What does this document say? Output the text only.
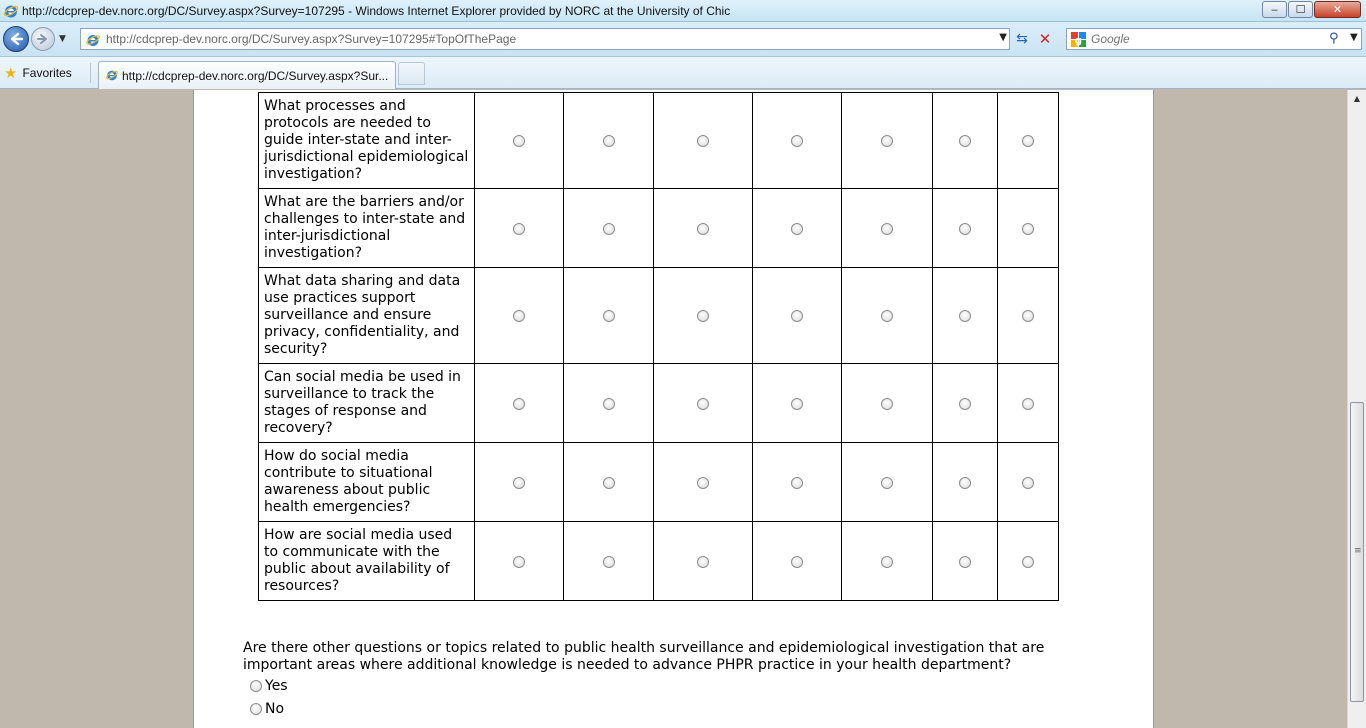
http://cdcprep-dev.norc.org/DC/Survey.aspx?Survey=107295 - Windows Internet Explorer provided by NORC at the University of Chic	‒	☐	✕
▼	http://cdcprep-dev.norc.org/DC/Survey.aspx?Survey=107295#TopOfThePage	▼ ⇆ ✕ g
Google	⚲ ▼
★ Favorites	http://cdcprep-dev.norc.org/DC/Survey.aspx?Sur...
What processes and protocols are needed to guide inter-state and inter-jurisdictional epidemiological investigation?							
What are the barriers and/or challenges to inter-state and inter-jurisdictional investigation?							
What data sharing and data use practices support surveillance and ensure privacy, confidentiality, and security?							
Can social media be used in surveillance to track the stages of response and recovery?							
How do social media contribute to situational awareness about public health emergencies?							
How are social media used to communicate with the public about availability of resources?							
Are there other questions or topics related to public health surveillance and epidemiological investigation that are important areas where additional knowledge is needed to advance PHPR practice in your health department?
Yes
No
▲
≡
